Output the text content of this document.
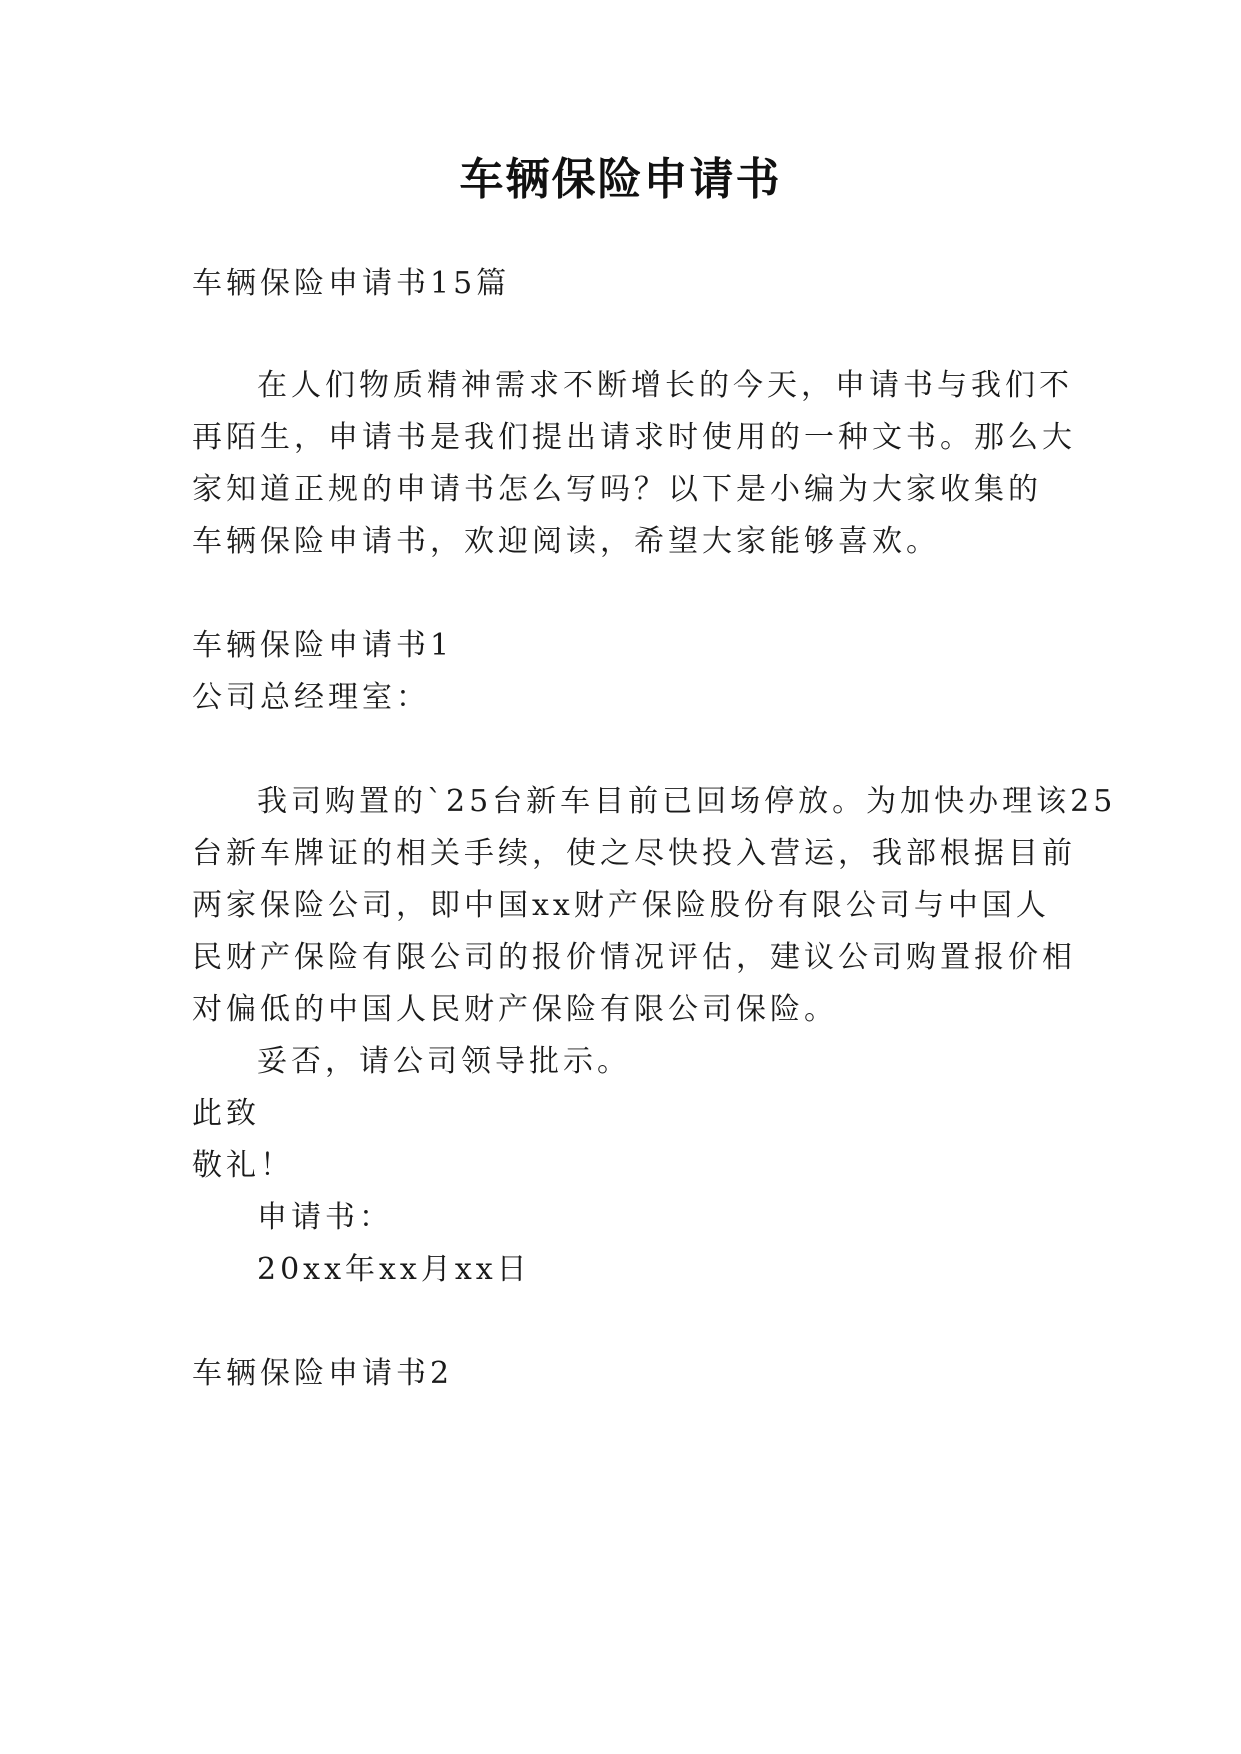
车辆保险申请书
车辆保险申请书15篇
在人们物质精神需求不断增长的今天，申请书与我们不
再陌生，申请书是我们提出请求时使用的一种文书。那么大
家知道正规的申请书怎么写吗？以下是小编为大家收集的
车辆保险申请书，欢迎阅读，希望大家能够喜欢。
车辆保险申请书1
公司总经理室：
我司购置的`25台新车目前已回场停放。为加快办理该25
台新车牌证的相关手续，使之尽快投入营运，我部根据目前
两家保险公司，即中国xx财产保险股份有限公司与中国人
民财产保险有限公司的报价情况评估，建议公司购置报价相
对偏低的中国人民财产保险有限公司保险。
妥否，请公司领导批示。
此致
敬礼！
申请书：
20xx年xx月xx日
车辆保险申请书2
